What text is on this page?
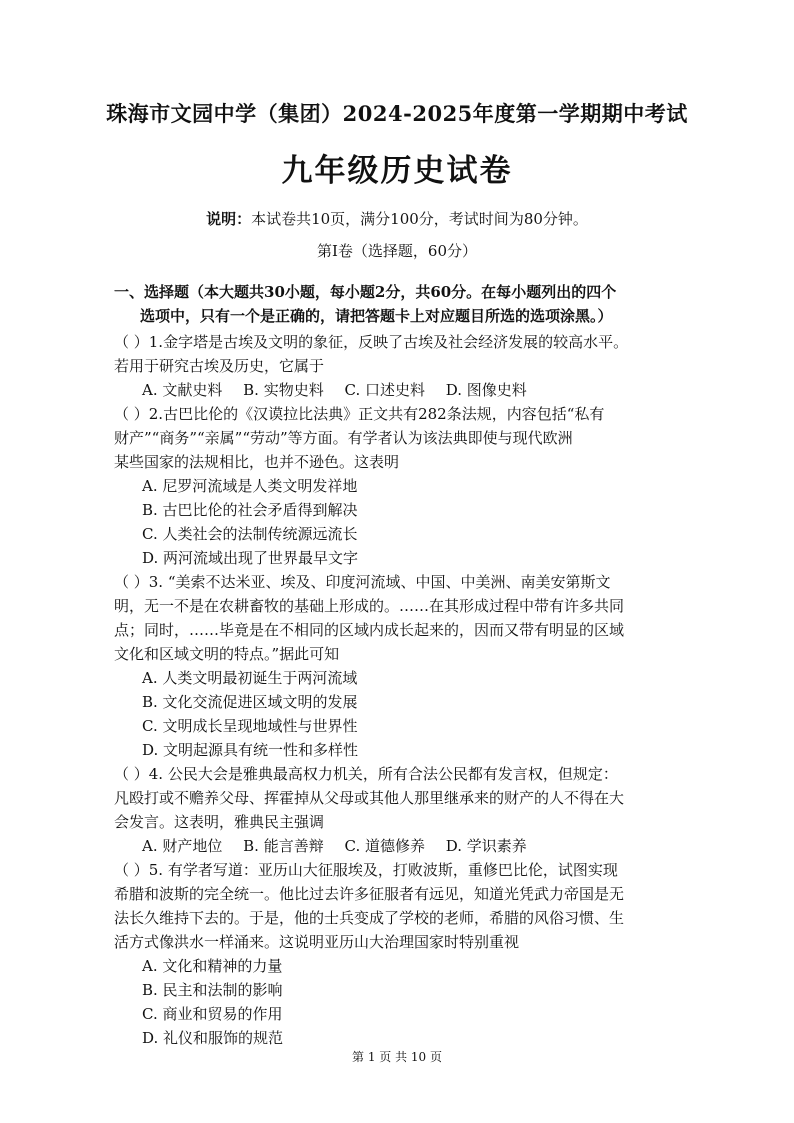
珠海市文园中学（集团）2024-2025年度第一学期期中考试
九年级历史试卷
说明：本试卷共10页，满分100分，考试时间为80分钟。
第Ⅰ卷（选择题，60分）
一、选择题（本大题共30小题，每小题2分，共60分。在每小题列出的四个
选项中，只有一个是正确的，请把答题卡上对应题目所选的选项涂黑。）
（ ）1.金字塔是古埃及文明的象征，反映了古埃及社会经济发展的较高水平。
若用于研究古埃及历史，它属于
A. 文献史料 B. 实物史料 C. 口述史料 D. 图像史料
（ ）2.古巴比伦的《汉谟拉比法典》正文共有282条法规，内容包括“私有
财产”“商务”“亲属”“劳动”等方面。有学者认为该法典即使与现代欧洲
某些国家的法规相比，也并不逊色。这表明
A. 尼罗河流域是人类文明发祥地
B. 古巴比伦的社会矛盾得到解决
C. 人类社会的法制传统源远流长
D. 两河流域出现了世界最早文字
（ ）3. “美索不达米亚、埃及、印度河流域、中国、中美洲、南美安第斯文
明，无一不是在农耕畜牧的基础上形成的。……在其形成过程中带有许多共同
点；同时，……毕竟是在不相同的区域内成长起来的，因而又带有明显的区域
文化和区域文明的特点。”据此可知
A. 人类文明最初诞生于两河流域
B. 文化交流促进区域文明的发展
C. 文明成长呈现地域性与世界性
D. 文明起源具有统一性和多样性
（ ）4. 公民大会是雅典最高权力机关，所有合法公民都有发言权，但规定：
凡殴打或不赡养父母、挥霍掉从父母或其他人那里继承来的财产的人不得在大
会发言。这表明，雅典民主强调
A. 财产地位 B. 能言善辩 C. 道德修养 D. 学识素养
（ ）5. 有学者写道：亚历山大征服埃及，打败波斯，重修巴比伦，试图实现
希腊和波斯的完全统一。他比过去许多征服者有远见，知道光凭武力帝国是无
法长久维持下去的。于是，他的士兵变成了学校的老师，希腊的风俗习惯、生
活方式像洪水一样涌来。这说明亚历山大治理国家时特别重视
A. 文化和精神的力量
B. 民主和法制的影响
C. 商业和贸易的作用
D. 礼仪和服饰的规范
第 1 页 共 10 页
